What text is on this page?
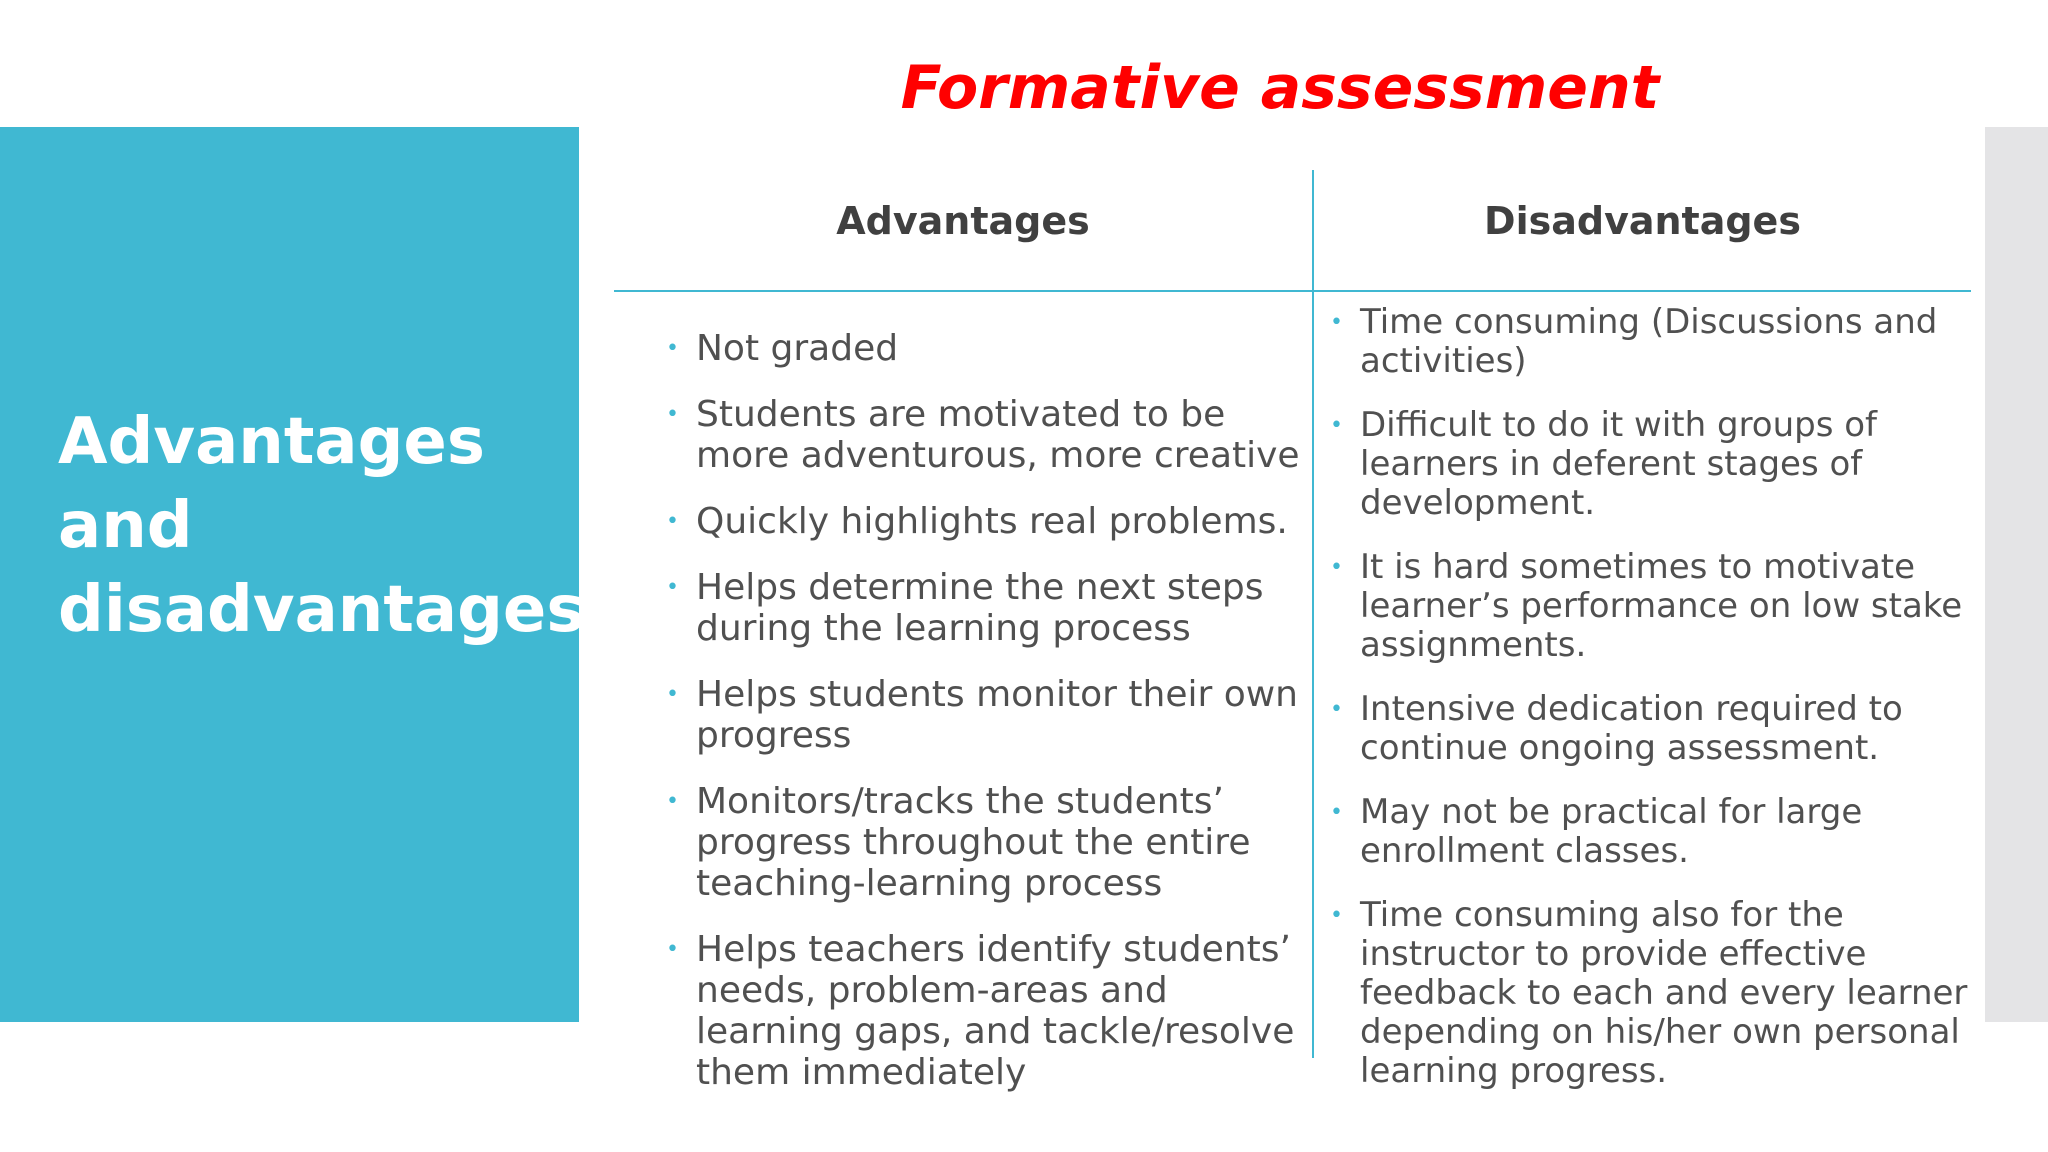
Formative assessment
Advantages
and
disadvantages:
Advantages	Disadvantages
• Not graded
• Students are motivated to be more adventurous, more creative
• Quickly highlights real problems.
• Helps determine the next steps during the learning process
• Helps students monitor their own progress
• Monitors/tracks the students’ progress throughout the entire teaching-learning process
• Helps teachers identify students’ needs, problem-areas and learning gaps, and tackle/resolve them immediately
• Time consuming (Discussions and activities)
• Difficult to do it with groups of learners in deferent stages of development.
• It is hard sometimes to motivate learner’s performance on low stake assignments.
• Intensive dedication required to continue ongoing assessment.
• May not be practical for large enrollment classes.
• Time consuming also for the instructor to provide effective feedback to each and every learner depending on his/her own personal learning progress.
